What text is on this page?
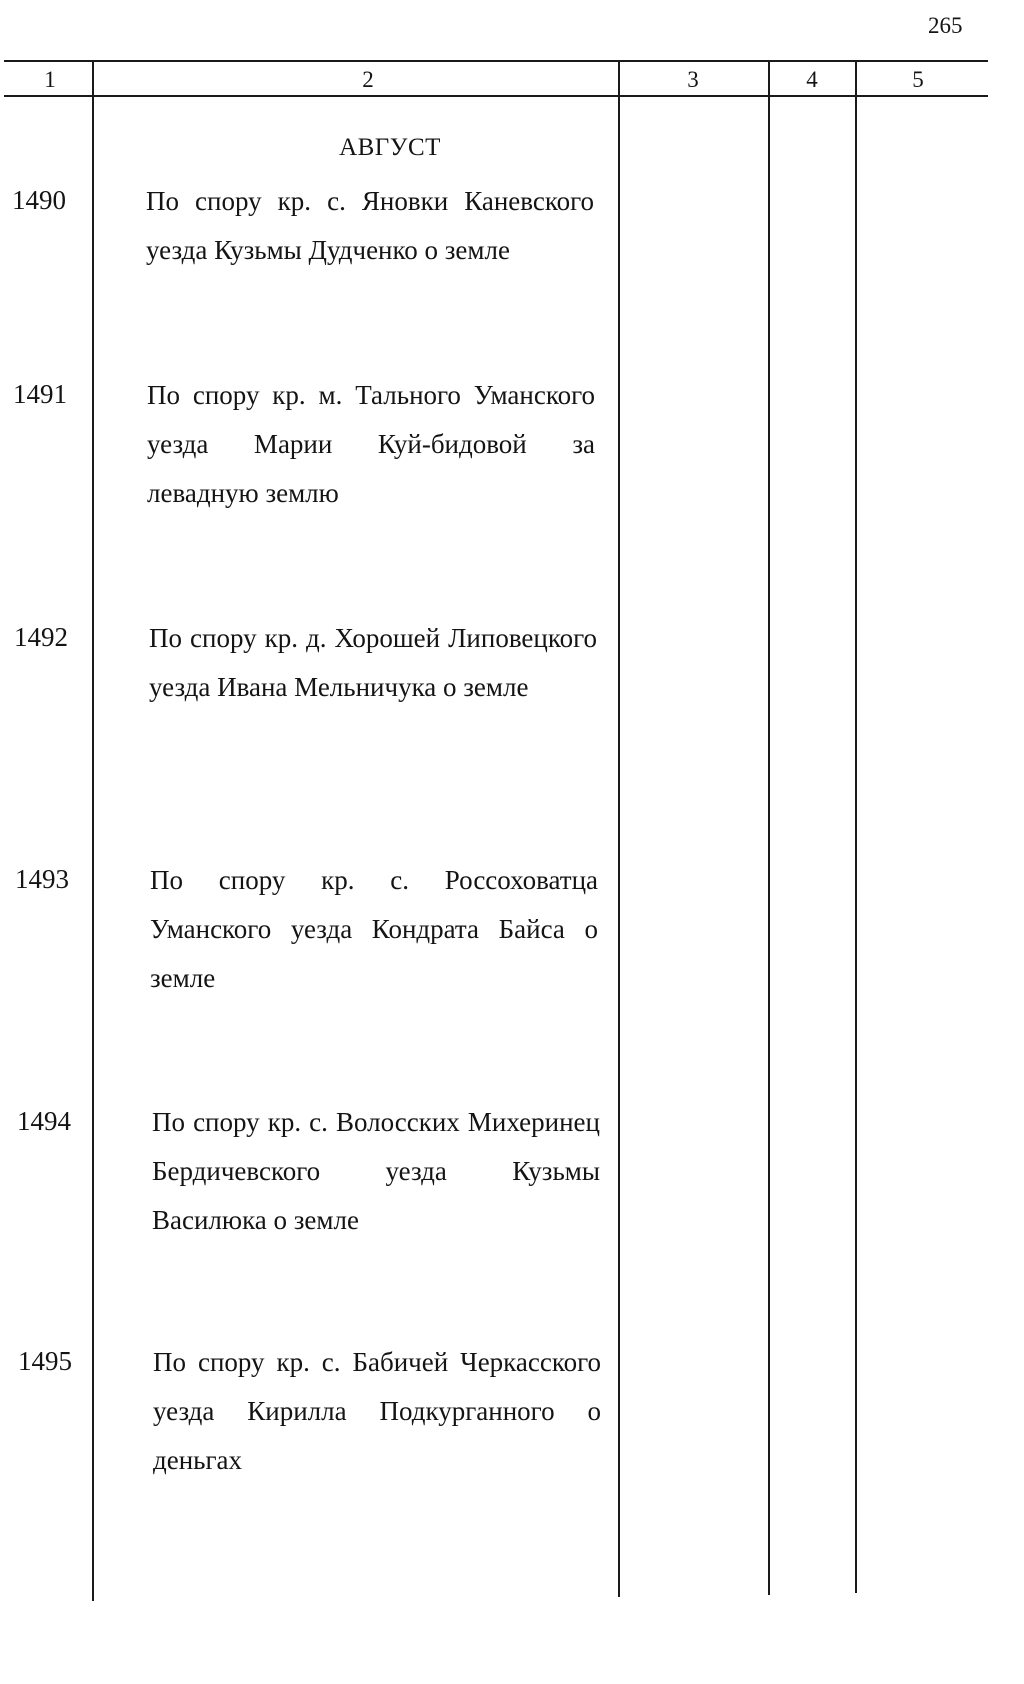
265
1	2	3	4	5
АВГУСТ
1490	По спору кр. с. Яновки Каневского уезда Кузьмы Дудченко о земле
1491	По спору кр. м. Тального Уманского уезда Марии Куй-бидовой за левадную землю
1492	По спору кр. д. Хорошей Липовецкого уезда Ивана Мельничука о земле
1493	По спору кр. с. Россоховатца Уманского уезда Кондрата Байса о земле
1494	По спору кр. с. Волосских Михеринец Бердичевского уезда Кузьмы Василюка о земле
1495	По спору кр. с. Бабичей Черкасского уезда Кирилла Подкурганного о деньгах
